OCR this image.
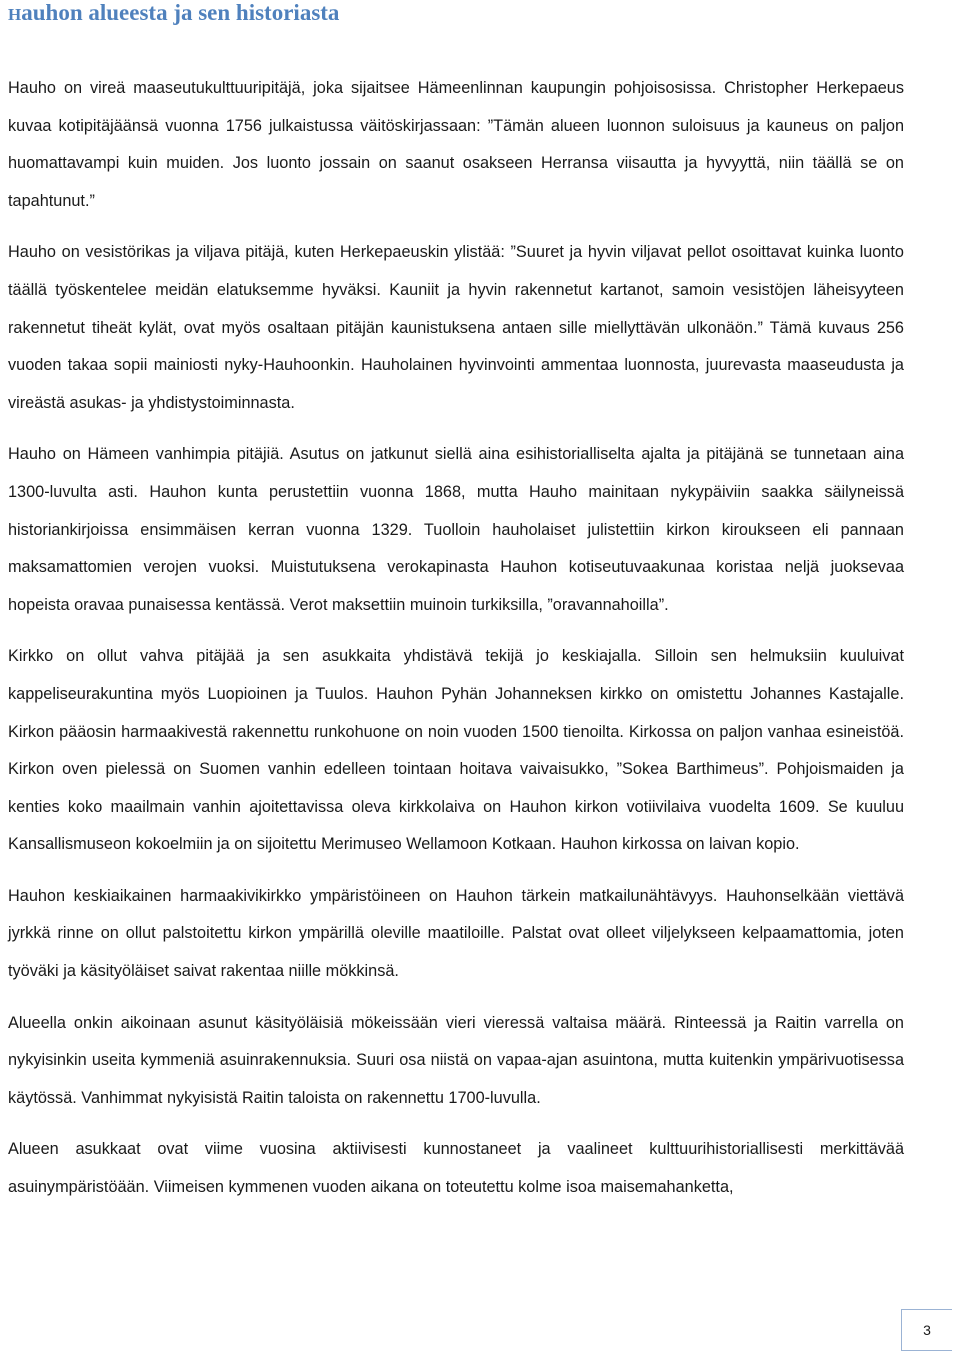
Hauhon alueesta ja sen historiasta

Hauho on vireä maaseutukulttuuripitäjä, joka sijaitsee Hämeenlinnan kaupungin pohjoisosissa. Christopher Herkepaeus kuvaa kotipitäjäänsä vuonna 1756 julkaistussa väitöskirjassaan: ”Tämän alueen luonnon suloisuus ja kauneus on paljon huomattavampi kuin muiden. Jos luonto jossain on saanut osakseen Herransa viisautta ja hyvyyttä, niin täällä se on tapahtunut.”

Hauho on vesistörikas ja viljava pitäjä, kuten Herkepaeuskin ylistää: ”Suuret ja hyvin viljavat pellot osoittavat kuinka luonto täällä työskentelee meidän elatuksemme hyväksi. Kauniit ja hyvin rakennetut kartanot, samoin vesistöjen läheisyyteen rakennetut tiheät kylät, ovat myös osaltaan pitäjän kaunistuksena antaen sille miellyttävän ulkonäön.” Tämä kuvaus 256 vuoden takaa sopii mainiosti nyky-Hauhoonkin. Hauholainen hyvinvointi ammentaa luonnosta, juurevasta maaseudusta ja vireästä asukas- ja yhdistystoiminnasta.

Hauho on Hämeen vanhimpia pitäjiä. Asutus on jatkunut siellä aina esihistorialliselta ajalta ja pitäjänä se tunnetaan aina 1300-luvulta asti. Hauhon kunta perustettiin vuonna 1868, mutta Hauho mainitaan nykypäiviin saakka säilyneissä historiankirjoissa ensimmäisen kerran vuonna 1329. Tuolloin hauholaiset julistettiin kirkon kiroukseen eli pannaan maksamattomien verojen vuoksi. Muistutuksena verokapinasta Hauhon kotiseutuvaakunaa koristaa neljä juoksevaa hopeista oravaa punaisessa kentässä. Verot maksettiin muinoin turkiksilla, ”oravannahoilla”.

Kirkko on ollut vahva pitäjää ja sen asukkaita yhdistävä tekijä jo keskiajalla. Silloin sen helmuksiin kuuluivat kappeliseurakuntina myös Luopioinen ja Tuulos. Hauhon Pyhän Johanneksen kirkko on omistettu Johannes Kastajalle. Kirkon pääosin harmaakivestä rakennettu runkohuone on noin vuoden 1500 tienoilta. Kirkossa on paljon vanhaa esineistöä. Kirkon oven pielessä on Suomen vanhin edelleen tointaan hoitava vaivaisukko, ”Sokea Barthimeus”. Pohjoismaiden ja kenties koko maailmain vanhin ajoitettavissa oleva kirkkolaiva on Hauhon kirkon votiivilaiva vuodelta 1609. Se kuuluu Kansallismuseon kokoelmiin ja on sijoitettu Merimuseo Wellamoon Kotkaan. Hauhon kirkossa on laivan kopio.

Hauhon keskiaikainen harmaakivikirkko ympäristöineen on Hauhon tärkein matkailunähtävyys. Hauhonselkään viettävä jyrkkä rinne on ollut palstoitettu kirkon ympärillä oleville maatiloille. Palstat ovat olleet viljelykseen kelpaamattomia, joten työväki ja käsityöläiset saivat rakentaa niille mökkinsä.

Alueella onkin aikoinaan asunut käsityöläisiä mökeissään vieri vieressä valtaisa määrä. Rinteessä ja Raitin varrella on nykyisinkin useita kymmeniä asuinrakennuksia. Suuri osa niistä on vapaa-ajan asuintona, mutta kuitenkin ympärivuotisessa käytössä. Vanhimmat nykyisistä Raitin taloista on rakennettu 1700-luvulla.

Alueen asukkaat ovat viime vuosina aktiivisesti kunnostaneet ja vaalineet kulttuurihistoriallisesti merkittävää asuinympäristöään. Viimeisen kymmenen vuoden aikana on toteutettu kolme isoa maisemahanketta,

3
